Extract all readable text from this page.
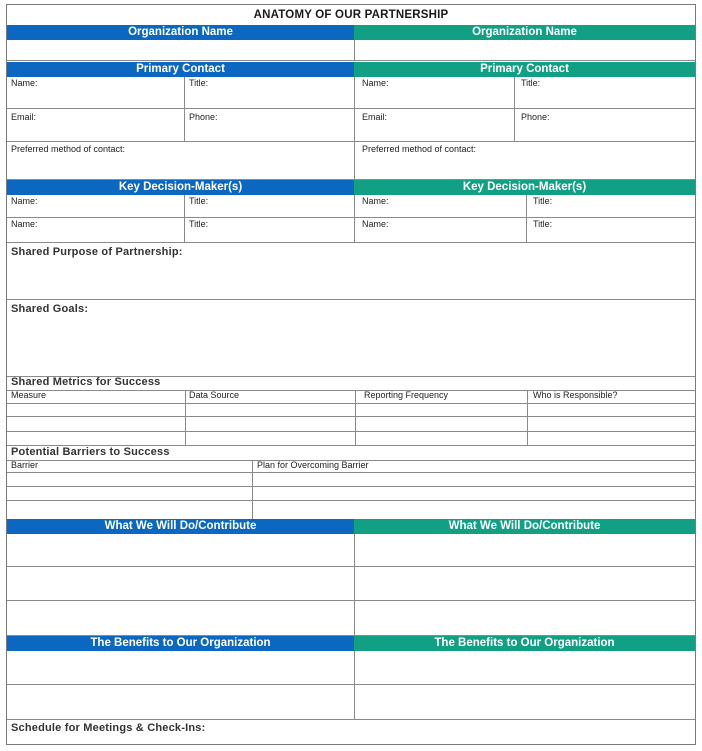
ANATOMY OF OUR PARTNERSHIP
Organization Name	Organization Name
Primary Contact	Primary Contact
Name:	Title:	Name:	Title:
Email:	Phone:	Email:	Phone:
Preferred method of contact:	Preferred method of contact:
Key Decision-Maker(s)	Key Decision-Maker(s)
Name:	Title:	Name:	Title:
Name:	Title:	Name:	Title:
Shared Purpose of Partnership:
Shared Goals:
Shared Metrics for Success
Measure	Data Source	Reporting Frequency	Who is Responsible?
Potential Barriers to Success
Barrier	Plan for Overcoming Barrier
What We Will Do/Contribute	What We Will Do/Contribute
The Benefits to Our Organization	The Benefits to Our Organization
Schedule for Meetings & Check-Ins:
